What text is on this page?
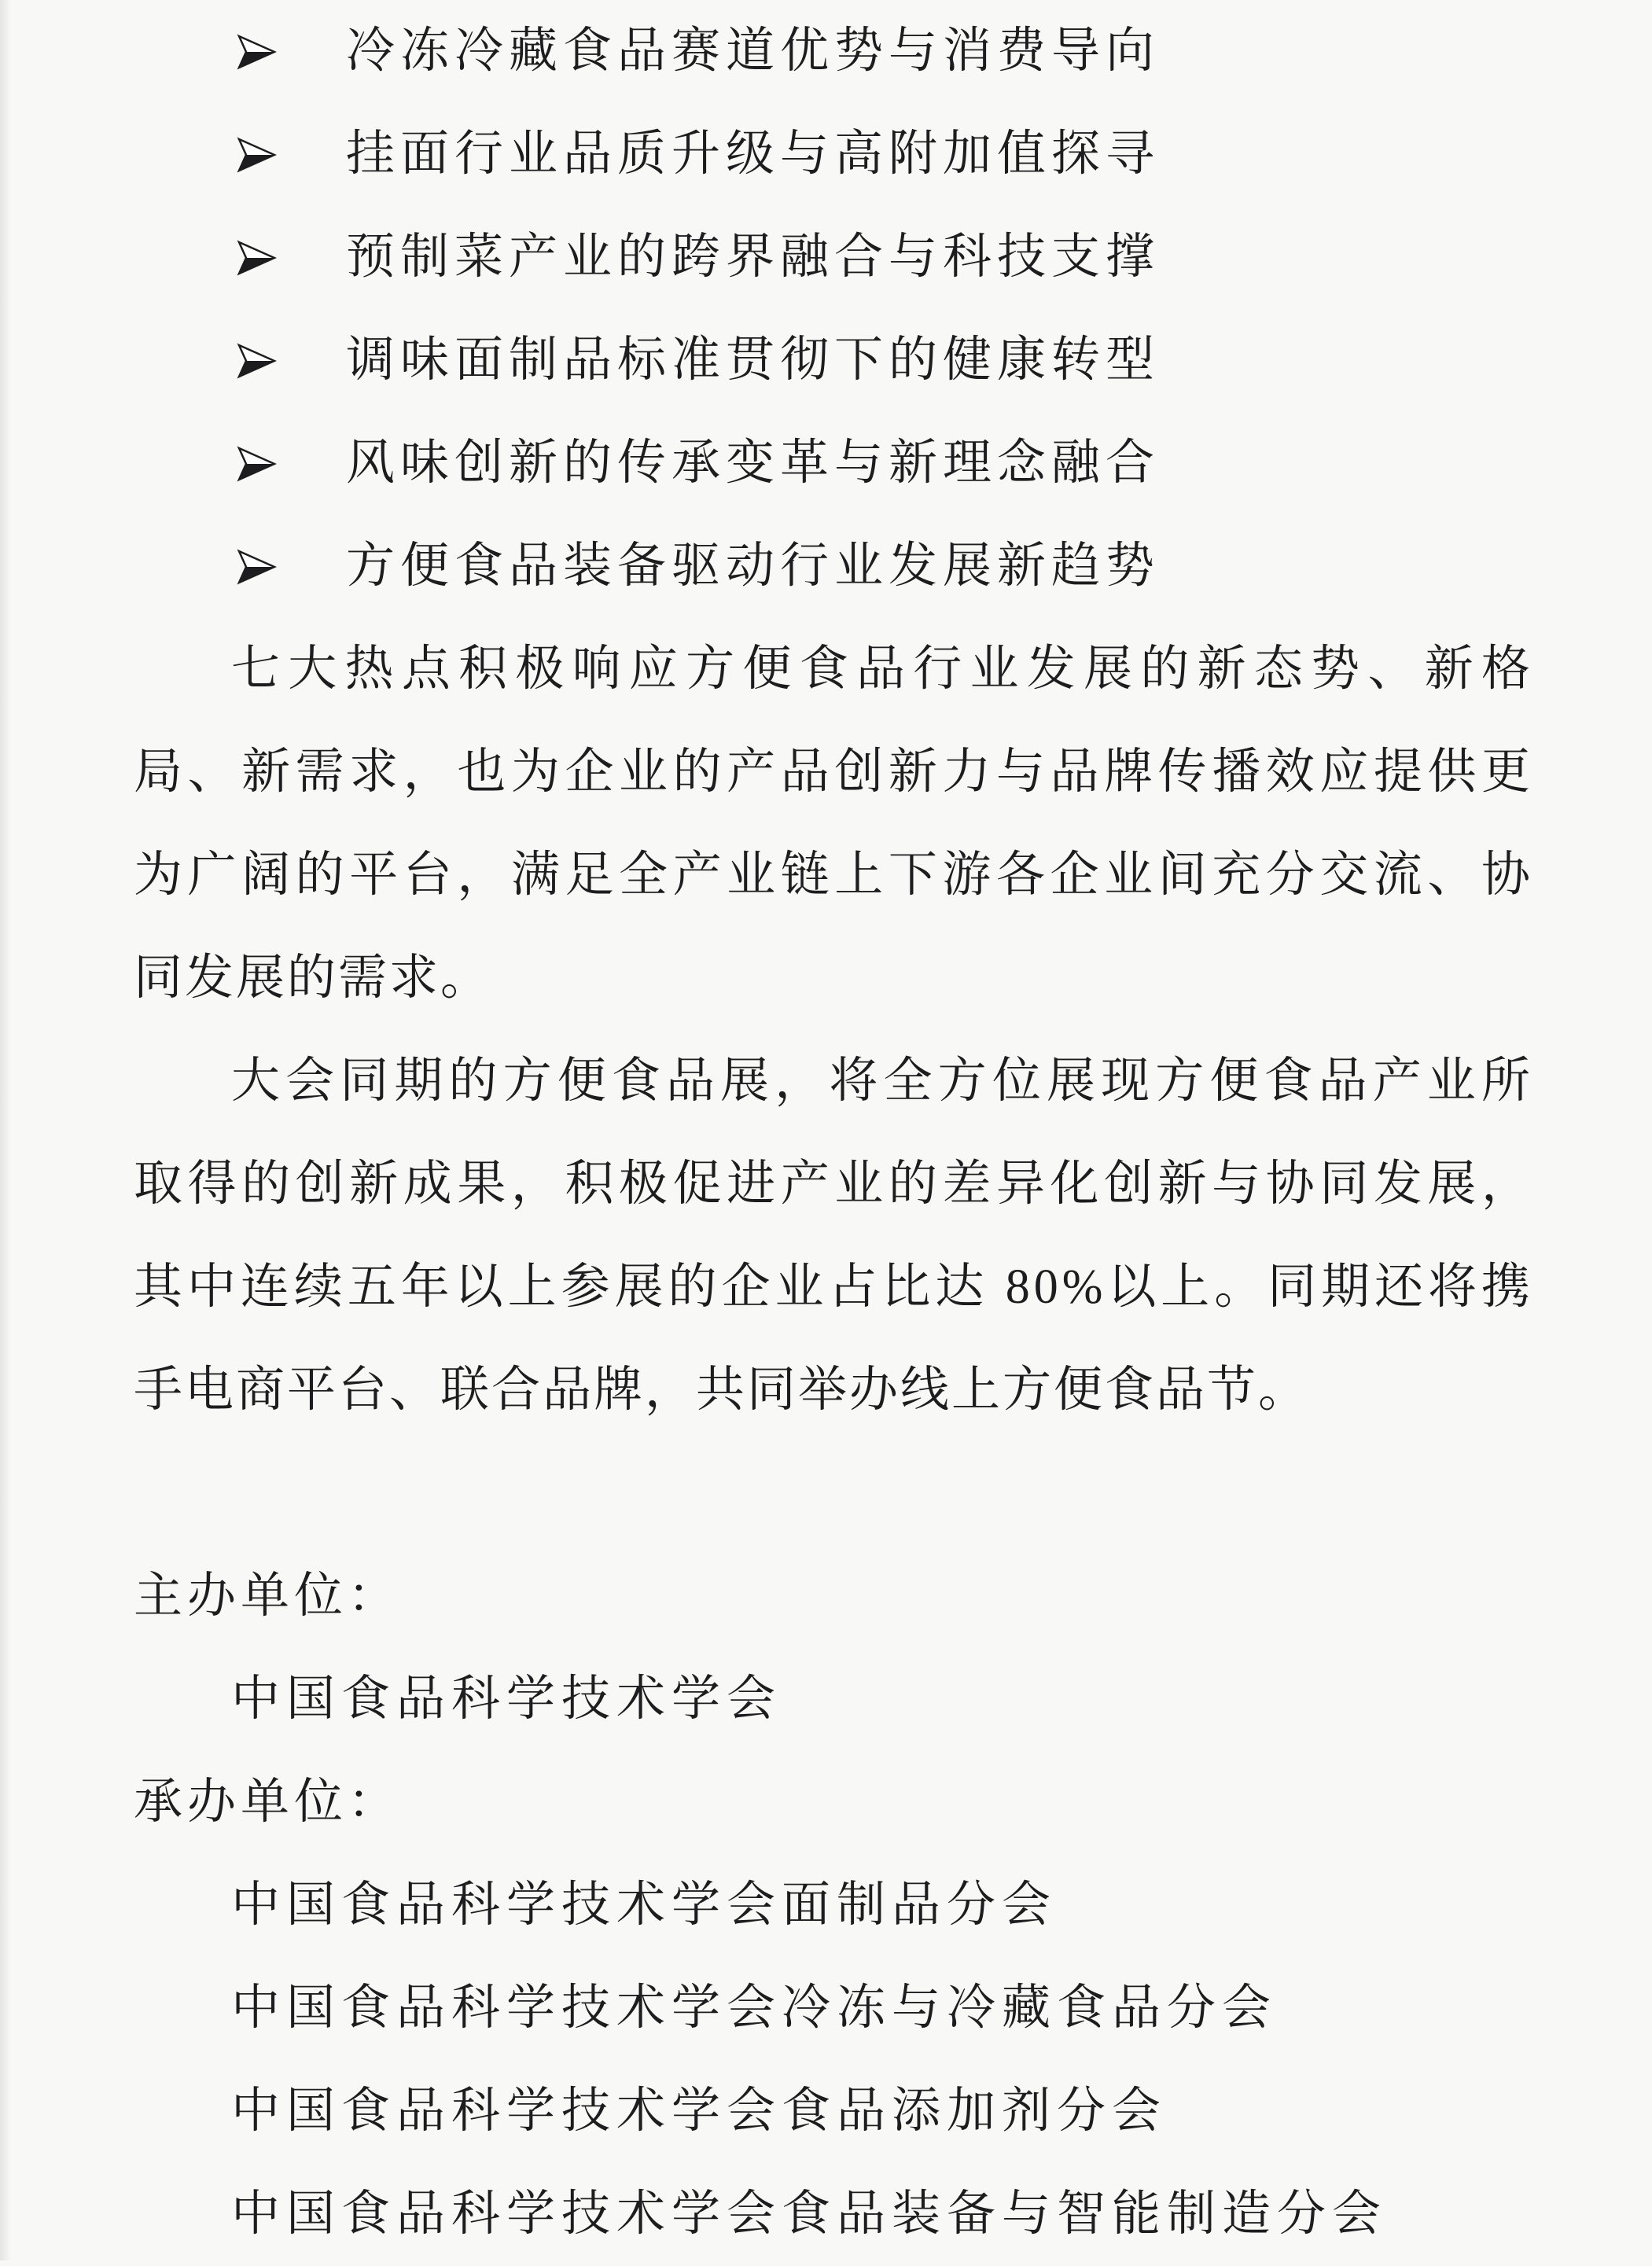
冷冻冷藏食品赛道优势与消费导向
挂面行业品质升级与高附加值探寻
预制菜产业的跨界融合与科技支撑
调味面制品标准贯彻下的健康转型
风味创新的传承变革与新理念融合
方便食品装备驱动行业发展新趋势
七大热点积极响应方便食品行业发展的新态势、新格
局、新需求，也为企业的产品创新力与品牌传播效应提供更
为广阔的平台，满足全产业链上下游各企业间充分交流、协
同发展的需求。
大会同期的方便食品展，将全方位展现方便食品产业所
取得的创新成果，积极促进产业的差异化创新与协同发展，
其中连续五年以上参展的企业占比达 80%以上。同期还将携
手电商平台、联合品牌，共同举办线上方便食品节。
主办单位：
中国食品科学技术学会
承办单位：
中国食品科学技术学会面制品分会
中国食品科学技术学会冷冻与冷藏食品分会
中国食品科学技术学会食品添加剂分会
中国食品科学技术学会食品装备与智能制造分会
